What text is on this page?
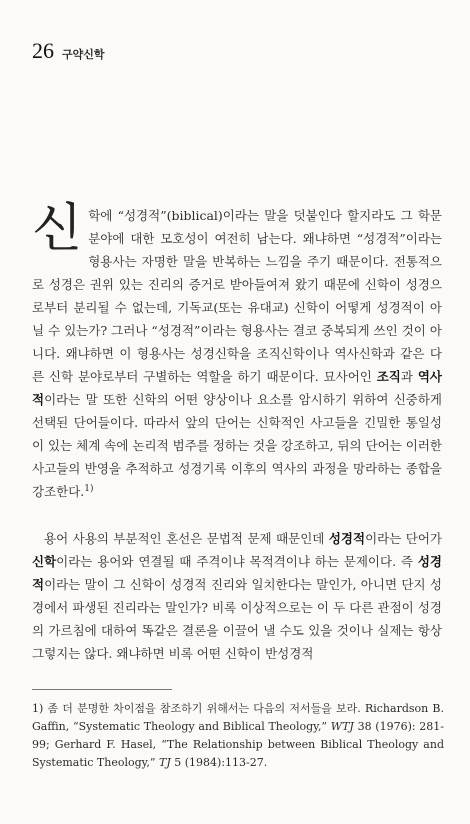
26 구약신학

신학에 “성경적”(biblical)이라는 말을 덧붙인다 할지라도 그 학문 분야에 대한 모호성이 여전히 남는다. 왜냐하면 “성경적”이라는 형용사는 자명한 말을 반복하는 느낌을 주기 때문이다. 전통적으로 성경은 권위 있는 진리의 증거로 받아들여져 왔기 때문에 신학이 성경으로부터 분리될 수 없는데, 기독교(또는 유대교) 신학이 어떻게 성경적이 아닐 수 있는가? 그러나 “성경적”이라는 형용사는 결코 중복되게 쓰인 것이 아니다. 왜냐하면 이 형용사는 성경신학을 조직신학이나 역사신학과 같은 다른 신학 분야로부터 구별하는 역할을 하기 때문이다. 묘사어인 조직과 역사적이라는 말 또한 신학의 어떤 양상이나 요소를 암시하기 위하여 신중하게 선택된 단어들이다. 따라서 앞의 단어는 신학적인 사고들을 긴밀한 통일성이 있는 체계 속에 논리적 범주를 정하는 것을 강조하고, 뒤의 단어는 이러한 사고들의 반영을 추적하고 성경기록 이후의 역사의 과정을 망라하는 종합을 강조한다.$^{1)}$

용어 사용의 부분적인 혼선은 문법적 문제 때문인데 성경적이라는 단어가 신학이라는 용어와 연결될 때 주격이냐 목적격이냐 하는 문제이다. 즉 성경적이라는 말이 그 신학이 성경적 진리와 일치한다는 말인가, 아니면 단지 성경에서 파생된 진리라는 말인가? 비록 이상적으로는 이 두 다른 관점이 성경의 가르침에 대하여 똑같은 결론을 이끌어 낼 수도 있을 것이나 실제는 항상 그렇지는 않다. 왜냐하면 비록 어떤 신학이 반성경적

1) 좀 더 분명한 차이점을 참조하기 위해서는 다음의 저서들을 보라. Richardson B. Gaffin, “Systematic Theology and Biblical Theology,” WTJ 38 (1976): 281-99; Gerhard F. Hasel, “The Relationship between Biblical Theology and Systematic Theology,” TJ 5 (1984):113-27.
